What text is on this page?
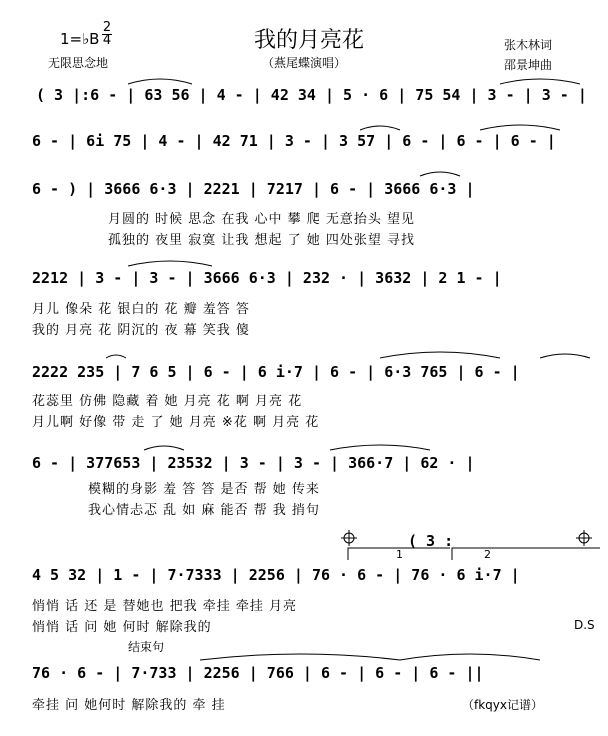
1=♭B
2
4	我的月亮花
（燕尾蝶演唱）
无限思念地
张木林词
邵景坤曲
( 3 |:6 - | 63 56 | 4 - | 42 34 | 5 · 6 | 75 54 | 3 - | 3 - |
6 - | 6i 75 | 4 - | 42 71 | 3 - | 3 57 | 6 - | 6 - | 6 - |
6 - ) | 3666 6·3 | 2221 | 7217 | 6 - | 3666 6·3 |
月圆的 时候 思念 在我 心中 攀 爬 无意抬头 望见
孤独的 夜里 寂寞 让我 想起 了 她 四处张望 寻找
2212 | 3 - | 3 - | 3666 6·3 | 232 · | 3632 | 2 1 - |
月儿 像朵 花 银白的 花 瓣 羞答 答
我的 月亮 花 阴沉的 夜 幕 笑我 傻
2222 235 | 7 6 5 | 6 - | 6 i·7 | 6 - | 6·3 765 | 6 - |
花蕊里 仿佛 隐藏 着 她 月亮 花 啊 月亮 花
月儿啊 好像 带 走 了 她 月亮 ※花 啊 月亮 花
6 - | 377653 | 23532 | 3 - | 3 - | 366·7 | 62 · |
模糊的身影 羞 答 答 是否 帮 她 传来
我心情忐忑 乱 如 麻 能否 帮 我 捎句
( 3 :
1	2
4 5 32 | 1 - | 7·7333 | 2256 | 76 · 6 - | 76 · 6 i·7 |
悄悄 话 还 是 替她也 把我 牵挂 牵挂 月亮
悄悄 话 问 她 何时 解除我的	D.S
结束句
76 · 6 - | 7·733 | 2256 | 766 | 6 - | 6 - | 6 - ||
牵挂 问 她何时 解除我的 牵 挂	（fkqyx记谱）
